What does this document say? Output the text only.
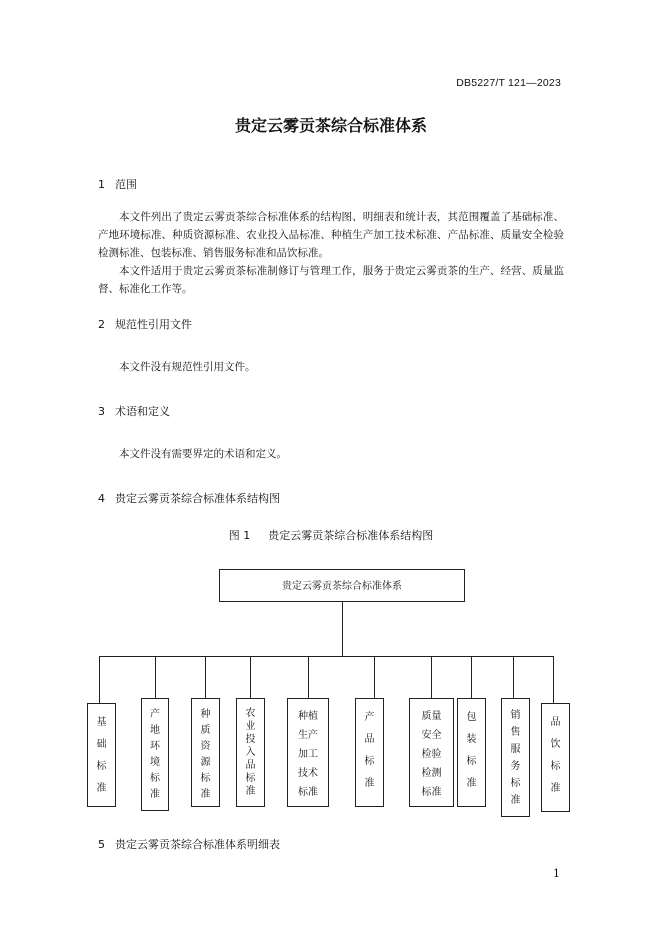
DB5227/T 121—2023
贵定云雾贡茶综合标准体系
1 范围
本文件列出了贵定云雾贡茶综合标准体系的结构图、明细表和统计表，其范围覆盖了基础标准、产地环境标准、种质资源标准、农业投入品标准、种植生产加工技术标准、产品标准、质量安全检验检测标准、包装标准、销售服务标准和品饮标准。
本文件适用于贵定云雾贡茶标准制修订与管理工作，服务于贵定云雾贡茶的生产、经营、质量监督、标准化工作等。
2 规范性引用文件
本文件没有规范性引用文件。
3 术语和定义
本文件没有需要界定的术语和定义。
4 贵定云雾贡茶综合标准体系结构图
图 1 贵定云雾贡茶综合标准体系结构图
贵定云雾贡茶综合标准体系
基
础
标
准
产
地
环
境
标
准
种
质
资
源
标
准
农
业
投
入
品
标
准
种植
生产
加工
技术
标准
产
品
标
准
质量
安全
检验
检测
标准
包
装
标
准
销
售
服
务
标
准
品
饮
标
准
5 贵定云雾贡茶综合标准体系明细表
1
